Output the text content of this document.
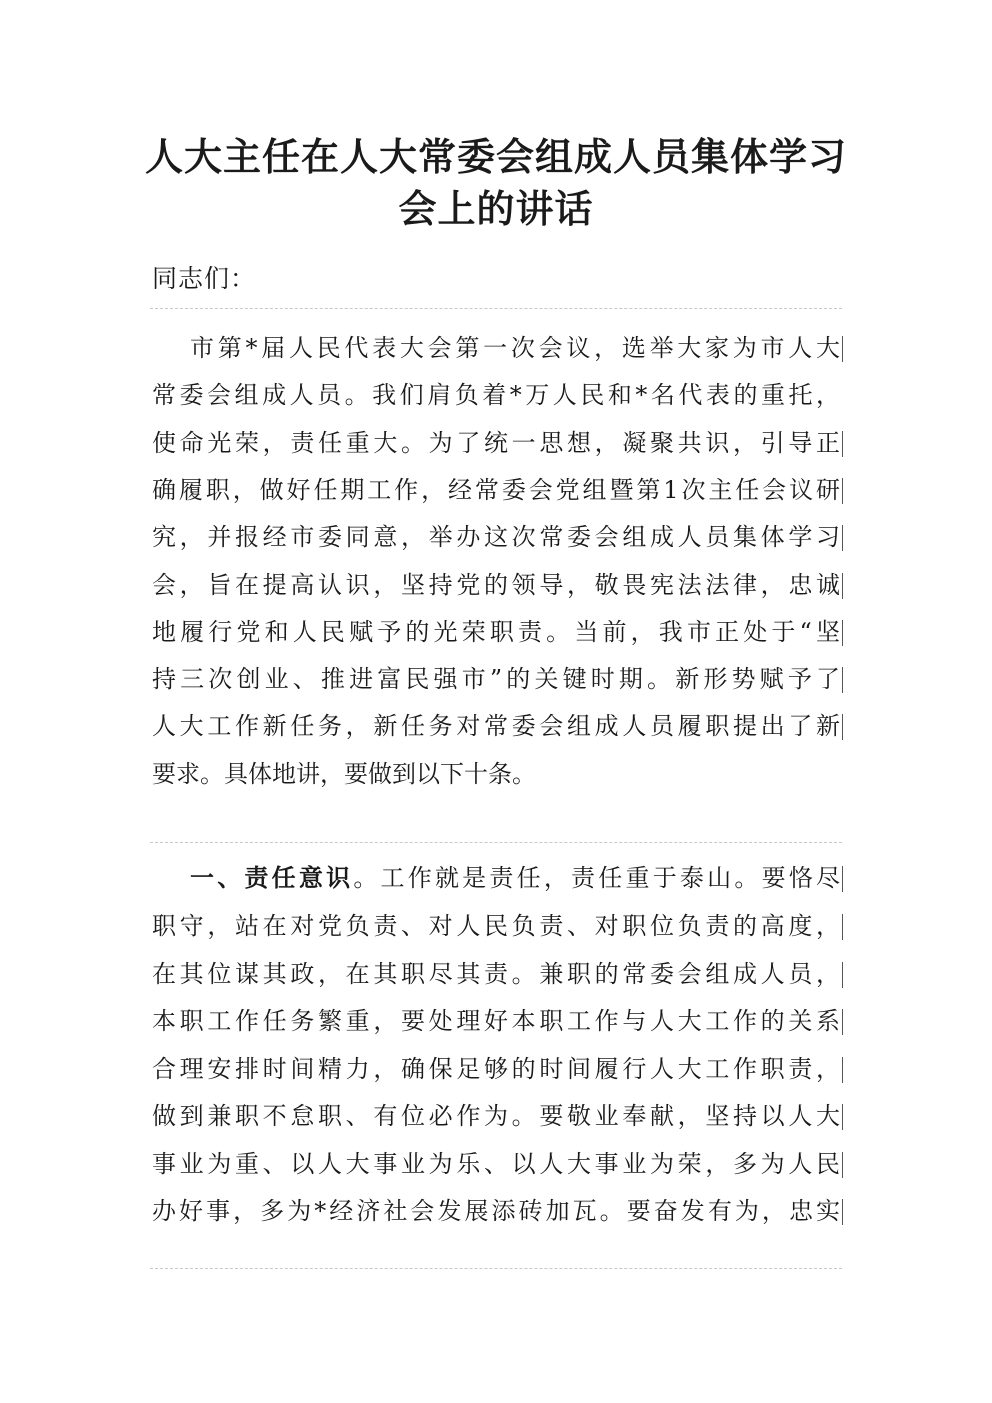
人大主任在人大常委会组成人员集体学习
会上的讲话
同志们：
市第*届人民代表大会第一次会议，选举大家为市人大
常委会组成人员。我们肩负着*万人民和*名代表的重托，
使命光荣，责任重大。为了统一思想，凝聚共识，引导正
确履职，做好任期工作，经常委会党组暨第1次主任会议研
究，并报经市委同意，举办这次常委会组成人员集体学习
会，旨在提高认识，坚持党的领导，敬畏宪法法律，忠诚
地履行党和人民赋予的光荣职责。当前，我市正处于“坚
持三次创业、推进富民强市”的关键时期。新形势赋予了
人大工作新任务，新任务对常委会组成人员履职提出了新
要求。具体地讲，要做到以下十条。
一、责任意识。工作就是责任，责任重于泰山。要恪尽
职守，站在对党负责、对人民负责、对职位负责的高度，
在其位谋其政，在其职尽其责。兼职的常委会组成人员，
本职工作任务繁重，要处理好本职工作与人大工作的关系
合理安排时间精力，确保足够的时间履行人大工作职责，
做到兼职不怠职、有位必作为。要敬业奉献，坚持以人大
事业为重、以人大事业为乐、以人大事业为荣，多为人民
办好事，多为*经济社会发展添砖加瓦。要奋发有为，忠实
